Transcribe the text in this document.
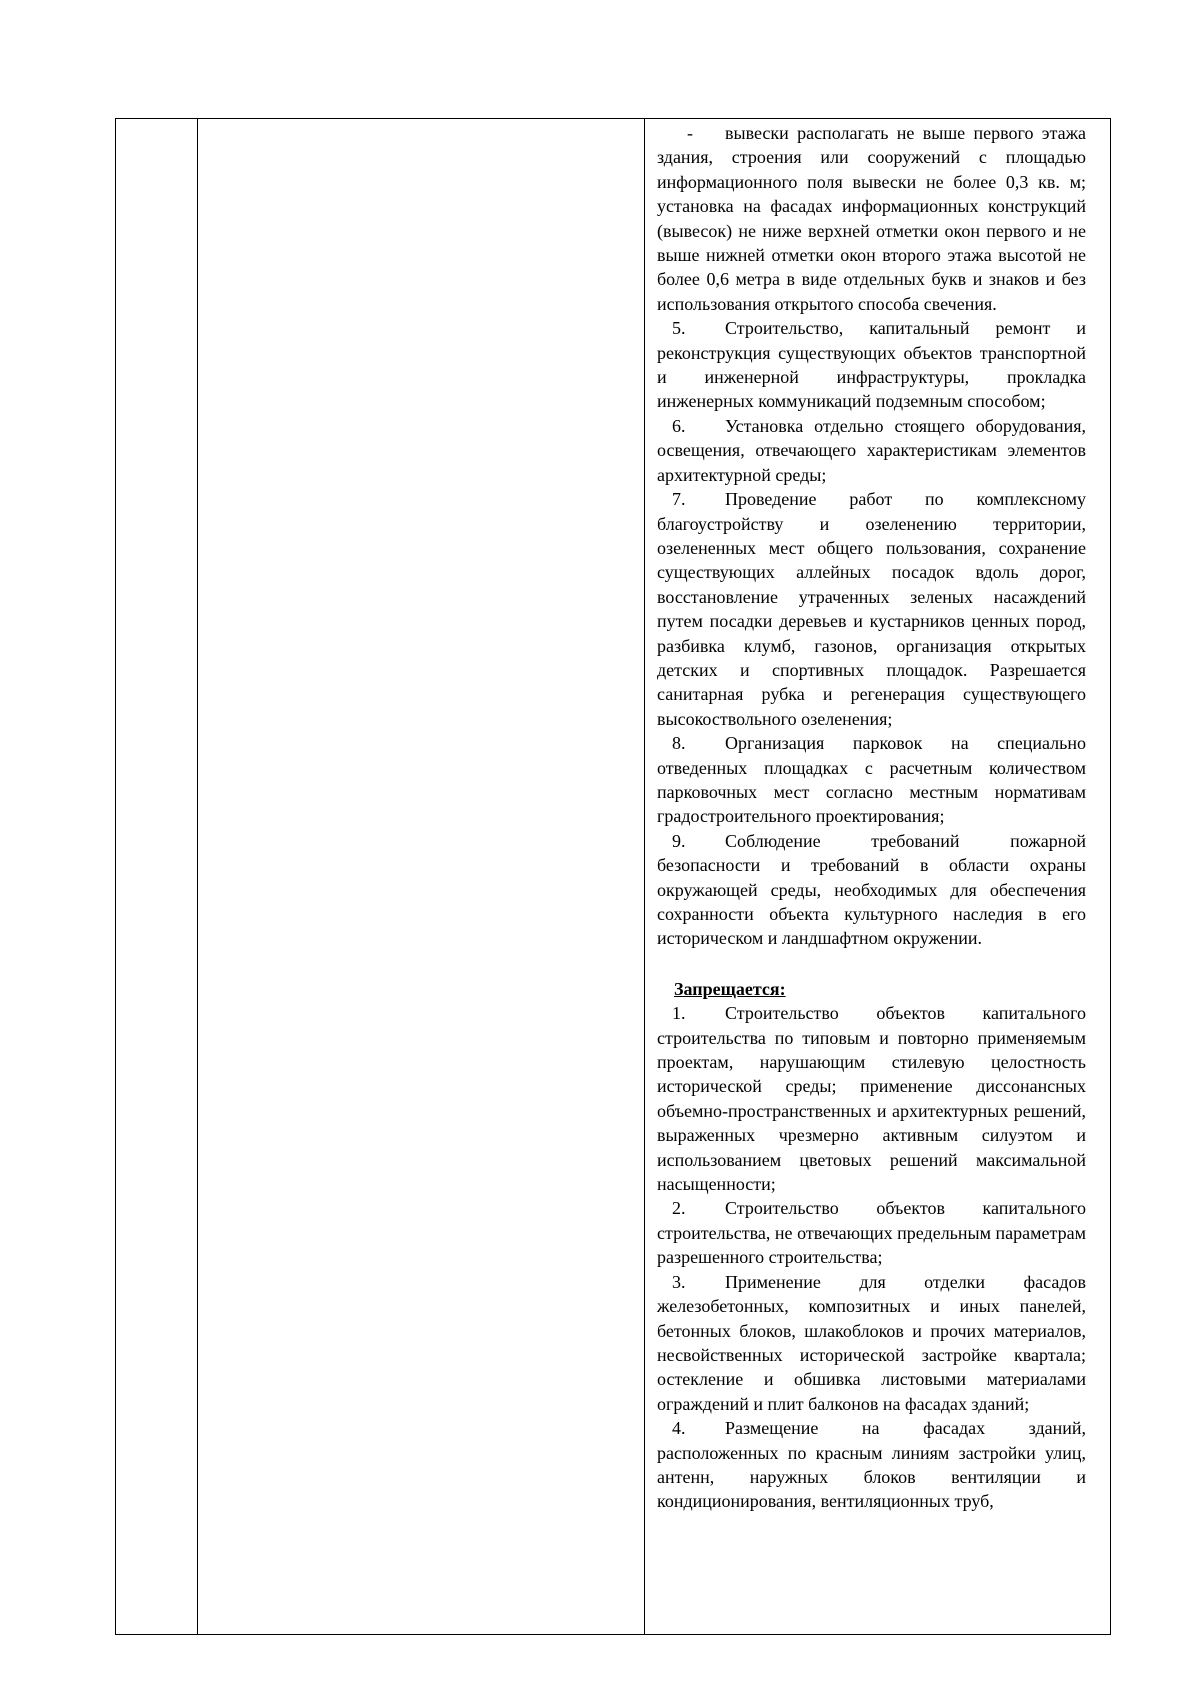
- вывески располагать не выше первого этажа здания, строения или сооружений с площадью информационного поля вывески не более 0,3 кв. м; установка на фасадах информационных конструкций (вывесок) не ниже верхней отметки окон первого и не выше нижней отметки окон второго этажа высотой не более 0,6 метра в виде отдельных букв и знаков и без использования открытого способа свечения.

5. Строительство, капитальный ремонт и реконструкция существующих объектов транспортной и инженерной инфраструктуры, прокладка инженерных коммуникаций подземным способом;

6. Установка отдельно стоящего оборудования, освещения, отвечающего характеристикам элементов архитектурной среды;

7. Проведение работ по комплексному благоустройству и озеленению территории, озелененных мест общего пользования, сохранение существующих аллейных посадок вдоль дорог, восстановление утраченных зеленых насаждений путем посадки деревьев и кустарников ценных пород, разбивка клумб, газонов, организация открытых детских и спортивных площадок. Разрешается санитарная рубка и регенерация существующего высокоствольного озеленения;

8. Организация парковок на специально отведенных площадках с расчетным количеством парковочных мест согласно местным нормативам градостроительного проектирования;

9. Соблюдение требований пожарной безопасности и требований в области охраны окружающей среды, необходимых для обеспечения сохранности объекта культурного наследия в его историческом и ландшафтном окружении.

Запрещается:

1. Строительство объектов капитального строительства по типовым и повторно применяемым проектам, нарушающим стилевую целостность исторической среды; применение диссонансных объемно-пространственных и архитектурных решений, выраженных чрезмерно активным силуэтом и использованием цветовых решений максимальной насыщенности;

2. Строительство объектов капитального строительства, не отвечающих предельным параметрам разрешенного строительства;

3. Применение для отделки фасадов железобетонных, композитных и иных панелей, бетонных блоков, шлакоблоков и прочих материалов, несвойственных исторической застройке квартала; остекление и обшивка листовыми материалами ограждений и плит балконов на фасадах зданий;

4. Размещение на фасадах зданий, расположенных по красным линиям застройки улиц, антенн, наружных блоков вентиляции и кондиционирования, вентиляционных труб,
